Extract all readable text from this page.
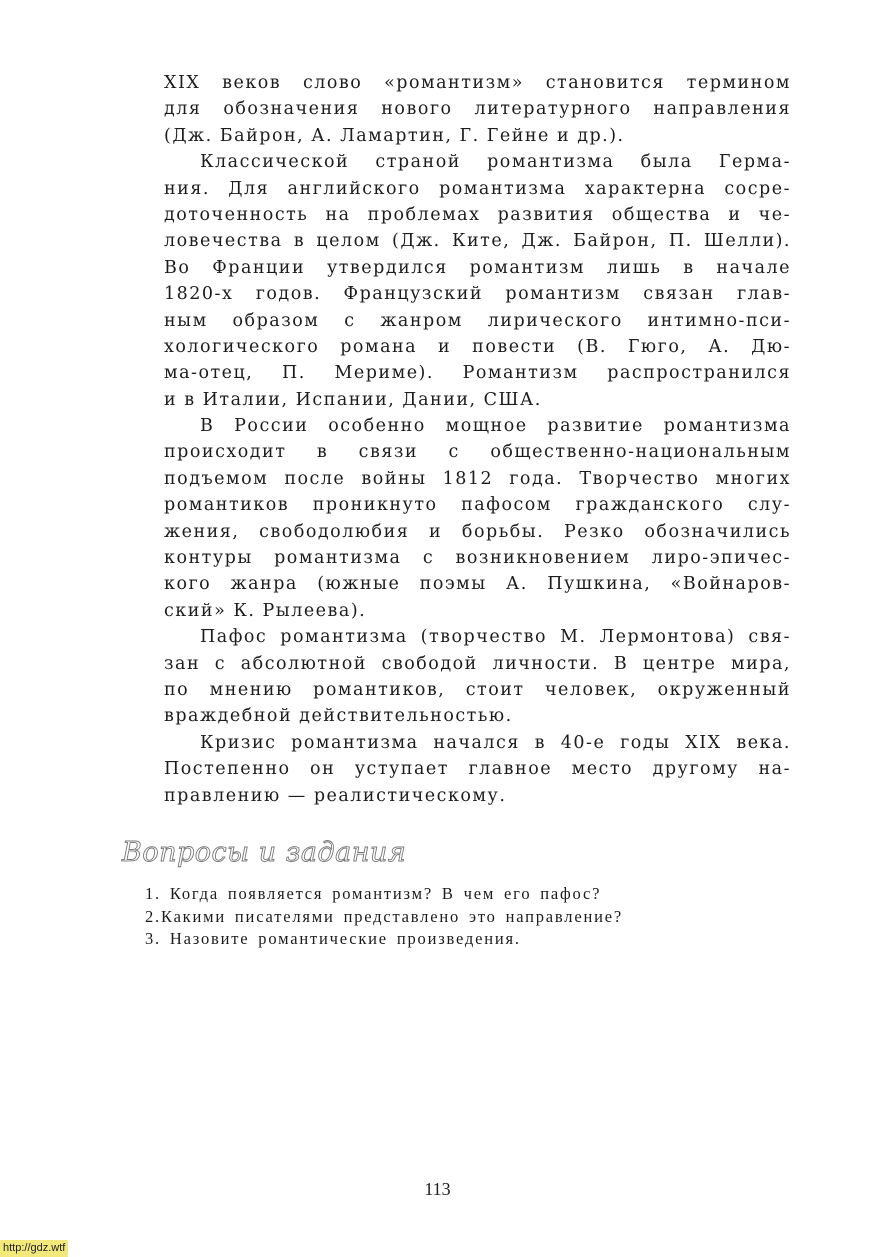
XIX веков слово «романтизм» становится термином
для обозначения нового литературного направления
(Дж. Байрон, А. Ламартин, Г. Гейне и др.).

Классической страной романтизма была Герма-
ния. Для английского романтизма характерна сосре-
доточенность на проблемах развития общества и че-
ловечества в целом (Дж. Ките, Дж. Байрон, П. Шелли).
Во Франции утвердился романтизм лишь в начале
1820-х годов. Французский романтизм связан глав-
ным образом с жанром лирического интимно-пси-
хологического романа и повести (В. Гюго, А. Дю-
ма-отец, П. Мериме). Романтизм распространился
и в Италии, Испании, Дании, США.

В России особенно мощное развитие романтизма
происходит в связи с общественно-национальным
подъемом после войны 1812 года. Творчество многих
романтиков проникнуто пафосом гражданского слу-
жения, свободолюбия и борьбы. Резко обозначились
контуры романтизма с возникновением лиро-эпичес-
кого жанра (южные поэмы А. Пушкина, «Войнаров-
ский» К. Рылеева).

Пафос романтизма (творчество М. Лермонтова) свя-
зан с абсолютной свободой личности. В центре мира,
по мнению романтиков, стоит человек, окруженный
враждебной действительностью.

Кризис романтизма начался в 40-е годы XIX века.
Постепенно он уступает главное место другому на-
правлению — реалистическому.

Вопросы и задания
1. Когда появляется романтизм? В чем его пафос?
2.Какими писателями представлено это направление?
3. Назовите романтические произведения.
113
http://gdz.wtf
